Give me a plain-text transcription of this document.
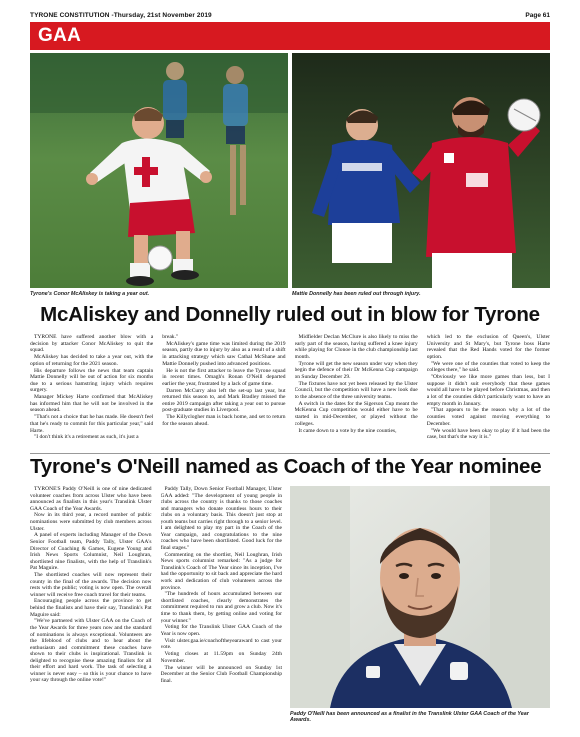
TYRONE CONSTITUTION -Thursday, 21st November 2019	Page 61
GAA
Tyrone's Conor McAliskey is taking a year out.	Mattie Donnelly has been ruled out through injury.
McAliskey and Donnelly ruled out in blow for Tyrone

TYRONE have suffered another blow with a decision by attacker Conor McAliskey to quit the squad.

McAliskey has decided to take a year out, with the option of returning for the 2021 season.

His departure follows the news that team captain Mattie Donnelly will be out of action for six months due to a serious hamstring injury which requires surgery.

Manager Mickey Harte confirmed that McAliskey has informed him that he will not be involved in the season ahead.

"That's not a choice that he has made. He doesn't feel that he's ready to commit for this particular year," said Harte.

"I don't think it's a retirement as such, it's just a

break."

McAliskey's game time was limited during the 2019 season, partly due to injury by also as a result of a shift in attacking strategy which saw Cathal McShane and Mattie Donnelly pushed into advanced positions.

He is not the first attacker to leave the Tyrone squad in recent times. Omagh's Ronan O'Neill departed earlier the year, frustrated by a lack of game time.

Darren McCurry also left the set-up last year, but returned this season to, and Mark Bradley missed the entire 2019 campaign after taking a year out to pursue post-graduate studies in Liverpool.

The Killyclogher man is back home, and set to return for the season ahead.

Midfielder Declan McClure is also likely to miss the early part of the season, having suffered a knee injury while playing for Clonoe in the club championship last month.

Tyrone will get the new season under way when they begin the defence of their Dr McKenna Cup campaign on Sunday December 29.

The fixtures have not yet been released by the Ulster Council, but the competition will have a new look due to the absence of the three university teams.

A switch in the dates for the Sigerson Cup meant the McKenna Cup competition would either have to be started in mid-December, or played without the colleges.

It came down to a vote by the nine counties,

which led to the exclusion of Queen's, Ulster University and St Mary's, but Tyrone boss Harte revealed that the Red Hands voted for the former option.

"We were one of the counties that voted to keep the colleges there," he said.

"Obviously we like more games than less, but I suppose it didn't suit everybody that these games would all have to be played before Christmas, and then a lot of the counties didn't particularly want to have an empty month in January.

"That appears to be the reason why a lot of the counties voted against moving everything to December.

"We would have been okay to play if it had been the case, but that's the way it is."

Tyrone's O'Neill named as Coach of the Year nominee

TYRONE'S Paddy O'Neill is one of nine dedicated volunteer coaches from across Ulster who have been announced as finalists in this year's Translink Ulster GAA Coach of the Year Awards.

Now in its third year, a record number of public nominations were submitted by club members across Ulster.

A panel of experts including Manager of the Down Senior Football team, Paddy Tally, Ulster GAA's Director of Coaching & Games, Eugene Young and Irish News Sports Columnist, Neil Loughran, shortlisted nine finalists, with the help of Translink's Pat Maguire.

The shortlisted coaches will now represent their county in the final of the awards. The decision now rests with the public; voting is now open. The overall winner will receive free coach travel for their teams.

Encouraging people across the province to get behind the finalists and have their say, Translink's Pat Maguire said:

"We've partnered with Ulster GAA on the Coach of the Year Awards for three years now and the standard of nominations is always exceptional. Volunteers are the lifeblood of clubs and to hear about the enthusiasm and commitment these coaches have shown to their clubs is inspirational. Translink is delighted to recognise these amazing finalists for all their effort and hard work. The task of selecting a winner is never easy – so this is your chance to have your say through the online vote!"

Paddy Tally, Down Senior Football Manager, Ulster GAA added: "The development of young people in clubs across the country is thanks to those coaches and managers who donate countless hours to their clubs on a voluntary basis. This doesn't just stop at youth teams but carries right through to a senior level. I am delighted to play my part in the Coach of the Year campaign, and congratulations to the nine coaches who have been shortlisted. Good luck for the final stages."

Commenting on the shortlist, Neil Loughran, Irish News sports columnist remarked: "As a judge for Translink's Coach of The Year since its inception, I've had the opportunity to sit back and appreciate the hard work and dedication of club volunteers across the province.

"The hundreds of hours accumulated between our shortlisted coaches, clearly demonstrates the commitment required to run and grow a club. Now it's time to thank them, by getting online and voting for your winner."

Voting for the Translink Ulster GAA Coach of the Year is now open.

Visit ulster.gaa.ie/coachoftheyearaward to cast your vote.

Voting closes at 11.59pm on Sunday 24th November.

The winner will be announced on Sunday 1st December at the Senior Club Football Championship final.

Paddy O'Neill has been announced as a finalist in the Translink Ulster GAA Coach of the Year Awards.
